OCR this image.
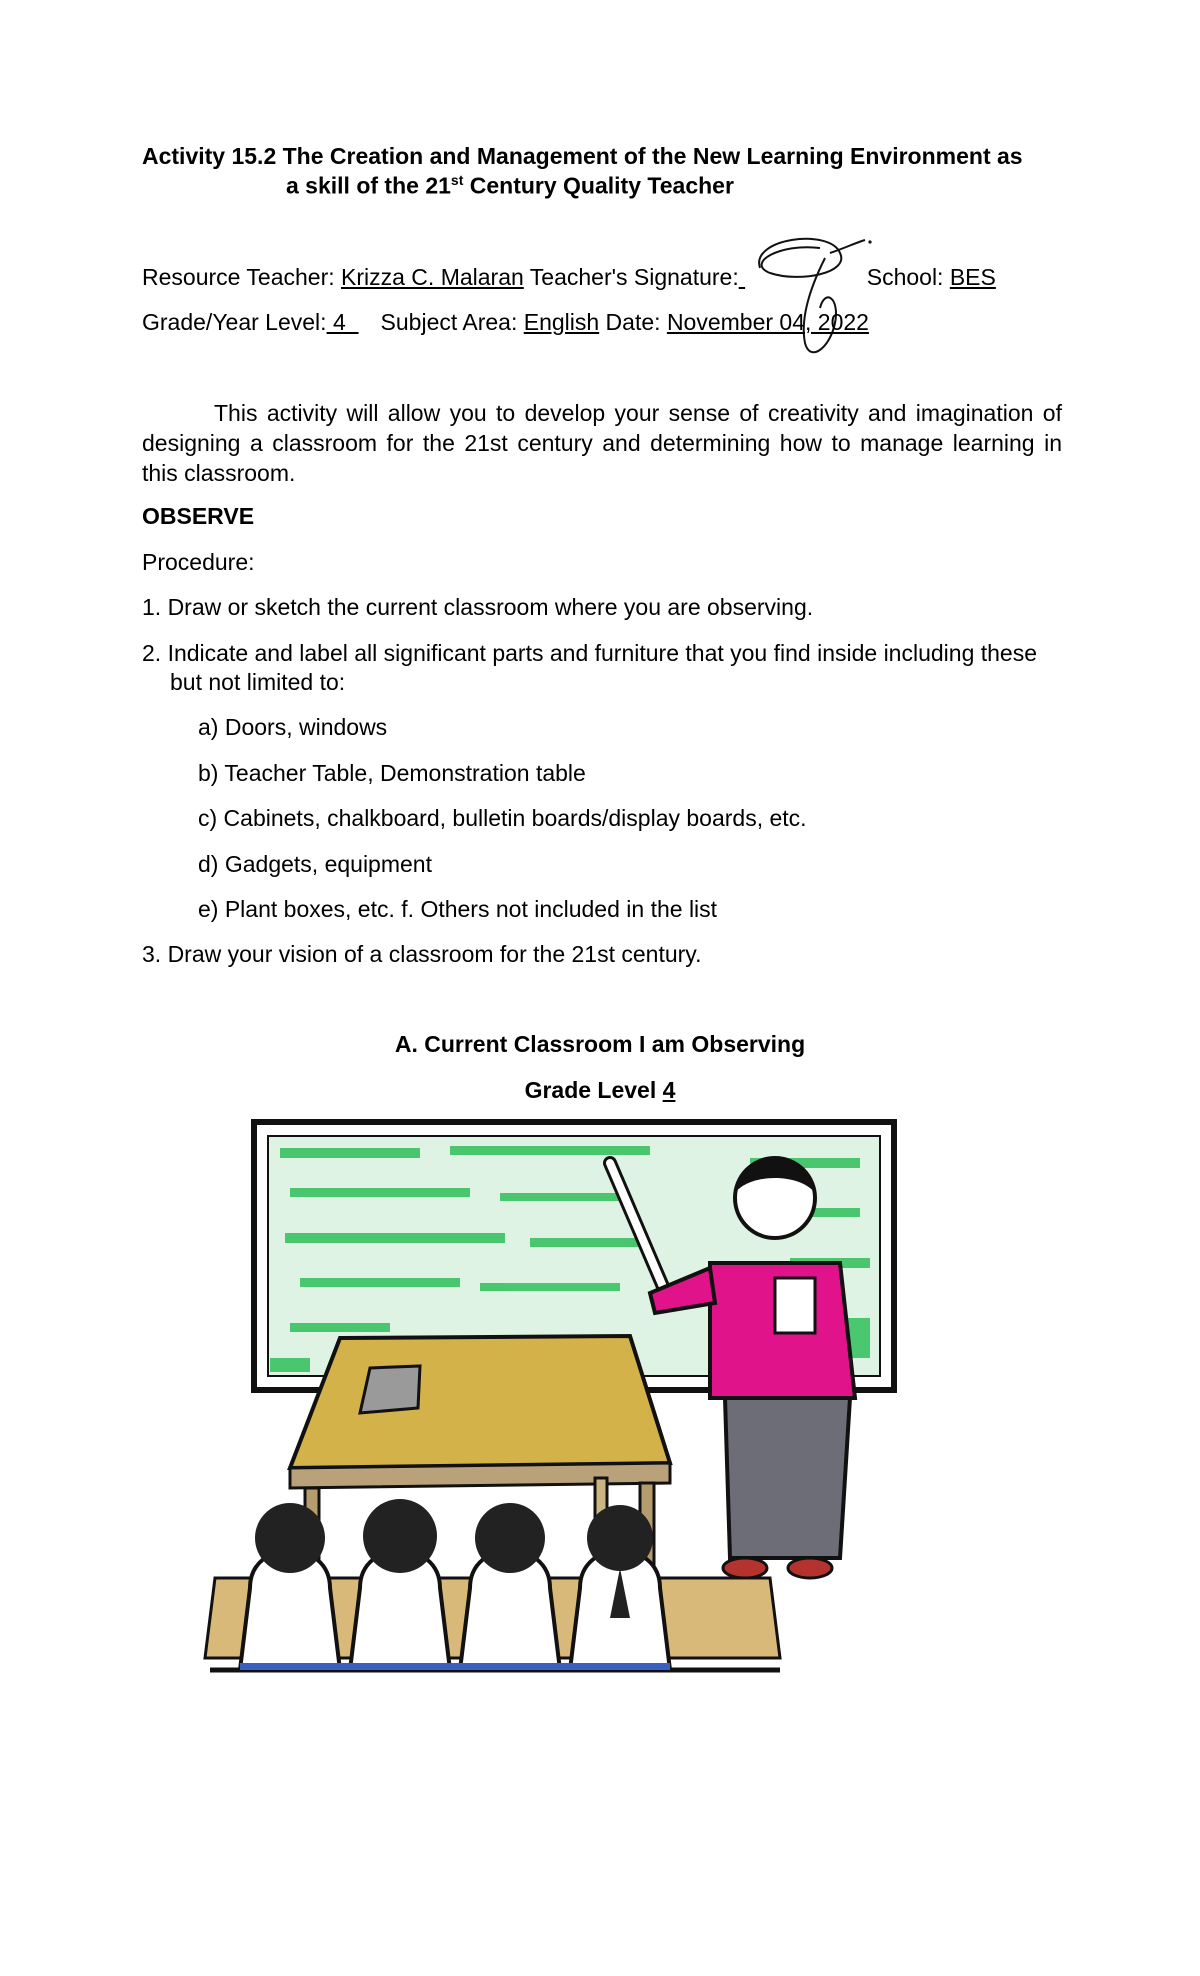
Activity 15.2 The Creation and Management of the New Learning Environment as
a skill of the 21st Century Quality Teacher
Resource Teacher: Krizza C. Malaran Teacher's Signature:	School: BES
Grade/Year Level: 4  Subject Area: English Date: November 04, 2022
This activity will allow you to develop your sense of creativity and imagination of designing a classroom for the 21st century and determining how to manage learning in this classroom.
OBSERVE
Procedure:
1. Draw or sketch the current classroom where you are observing.
2. Indicate and label all significant parts and furniture that you find inside including these
but not limited to:
a) Doors, windows
b) Teacher Table, Demonstration table
c) Cabinets, chalkboard, bulletin boards/display boards, etc.
d) Gadgets, equipment
e) Plant boxes, etc. f. Others not included in the list
3. Draw your vision of a classroom for the 21st century.
A. Current Classroom I am Observing
Grade Level 4
